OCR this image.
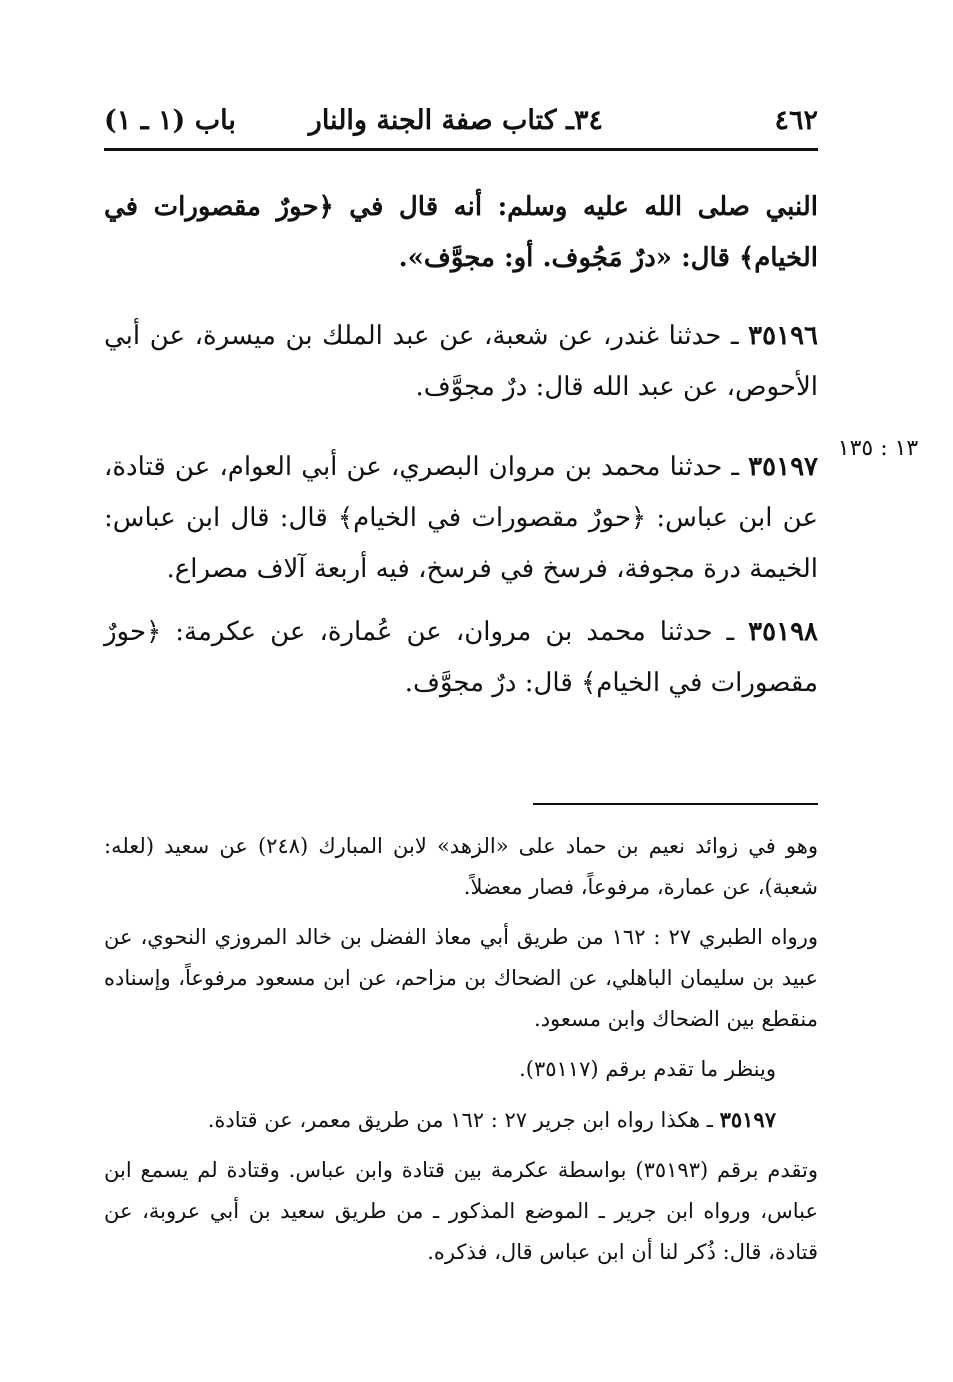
٤٦٢
٣٤ـ كتاب صفة الجنة والنار
باب (١ ـ ١)
١٣ : ١٣٥

النبي صلى الله عليه وسلم: أنه قال في ﴿حورٌ مقصورات في الخيام﴾ قال: «درٌ مَجُوف. أو: مجوَّف».

٣٥١٩٦ ـ حدثنا غندر، عن شعبة، عن عبد الملك بن ميسرة، عن أبي الأحوص، عن عبد الله قال: درٌ مجوَّف.

٣٥١٩٧ ـ حدثنا محمد بن مروان البصري، عن أبي العوام، عن قتادة، عن ابن عباس: ﴿حورٌ مقصورات في الخيام﴾ قال: قال ابن عباس: الخيمة درة مجوفة، فرسخ في فرسخ، فيه أربعة آلاف مصراع.

٣٥١٩٨ ـ حدثنا محمد بن مروان، عن عُمارة، عن عكرمة: ﴿حورٌ مقصورات في الخيام﴾ قال: درٌ مجوَّف.

وهو في زوائد نعيم بن حماد على «الزهد» لابن المبارك (٢٤٨) عن سعيد (لعله: شعبة)، عن عمارة، مرفوعاً، فصار معضلاً.

ورواه الطبري ٢٧ : ١٦٢ من طريق أبي معاذ الفضل بن خالد المروزي النحوي، عن عبيد بن سليمان الباهلي، عن الضحاك بن مزاحم، عن ابن مسعود مرفوعاً، وإسناده منقطع بين الضحاك وابن مسعود.

وينظر ما تقدم برقم (٣٥١١٧).

٣٥١٩٧ ـ هكذا رواه ابن جرير ٢٧ : ١٦٢ من طريق معمر، عن قتادة.

وتقدم برقم (٣٥١٩٣) بواسطة عكرمة بين قتادة وابن عباس. وقتادة لم يسمع ابن عباس، ورواه ابن جرير ـ الموضع المذكور ـ من طريق سعيد بن أبي عروبة، عن قتادة، قال: ذُكر لنا أن ابن عباس قال، فذكره.
